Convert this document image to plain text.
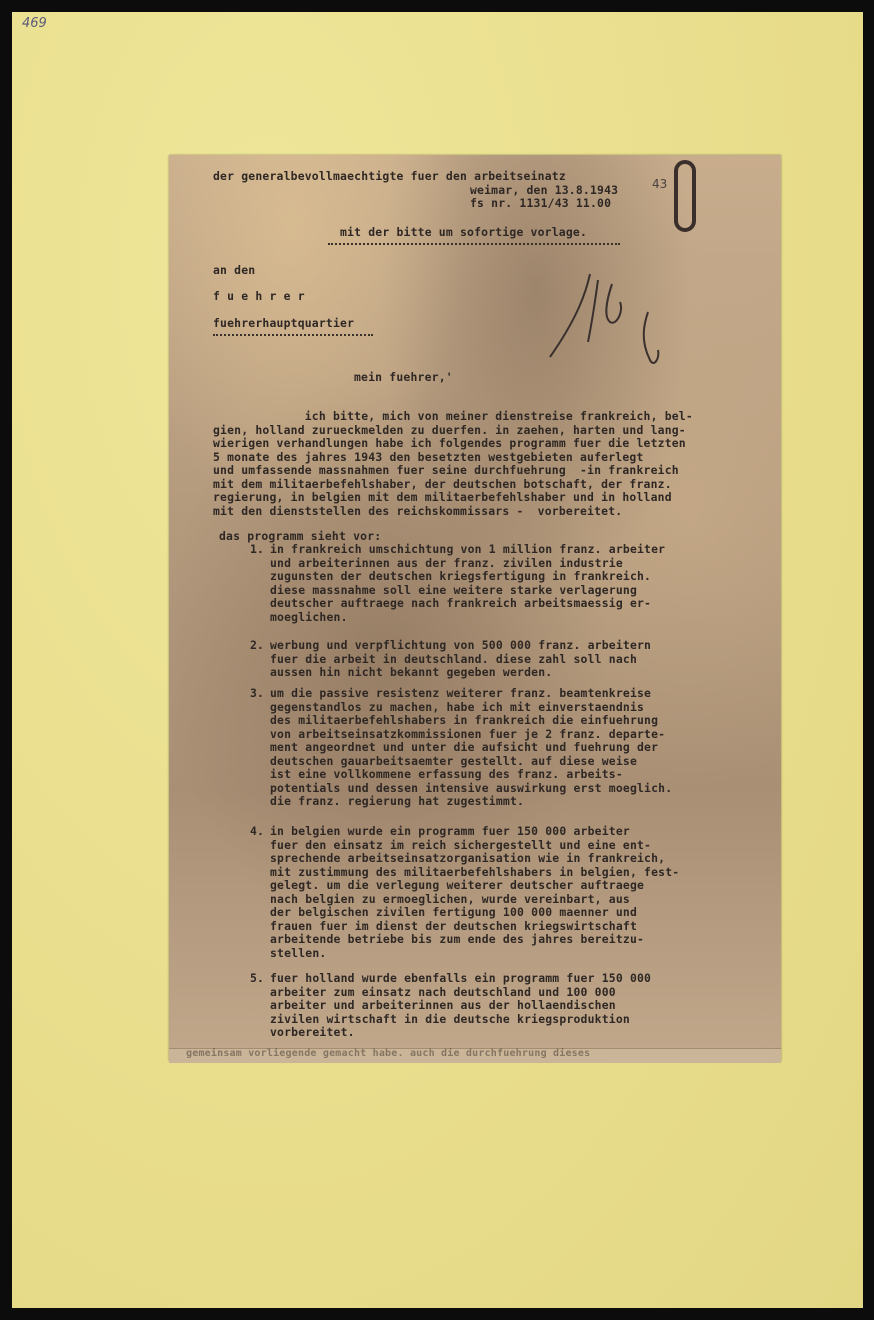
469
gemeinsam vorliegende gemacht habe. auch die durchfuehrung dieses
der generalbevollmaechtigte fuer den arbeitseinatz
weimar, den 13.8.1943
fs nr. 1131/43 11.00
43
mit der bitte um sofortige vorlage.
an den
f u e h r e r
fuehrerhauptquartier
mein fuehrer,'
ich bitte, mich von meiner dienstreise frankreich, bel-
gien, holland zurueckmelden zu duerfen. in zaehen, harten und lang-
wierigen verhandlungen habe ich folgendes programm fuer die letzten
5 monate des jahres 1943 den besetzten westgebieten auferlegt
und umfassende massnahmen fuer seine durchfuehrung  -in frankreich
mit dem militaerbefehlshaber, der deutschen botschaft, der franz.
regierung, in belgien mit dem militaerbefehlshaber und in holland
mit den dienststellen des reichskommissars -  vorbereitet.
das programm sieht vor:
1. in frankreich umschichtung von 1 million franz. arbeiter
und arbeiterinnen aus der franz. zivilen industrie
zugunsten der deutschen kriegsfertigung in frankreich.
diese massnahme soll eine weitere starke verlagerung
deutscher auftraege nach frankreich arbeitsmaessig er-
moeglichen.
2. werbung und verpflichtung von 500 000 franz. arbeitern
fuer die arbeit in deutschland. diese zahl soll nach
aussen hin nicht bekannt gegeben werden.
3. um die passive resistenz weiterer franz. beamtenkreise
gegenstandlos zu machen, habe ich mit einverstaendnis
des militaerbefehlshabers in frankreich die einfuehrung
von arbeitseinsatzkommissionen fuer je 2 franz. departe-
ment angeordnet und unter die aufsicht und fuehrung der
deutschen gauarbeitsaemter gestellt. auf diese weise
ist eine vollkommene erfassung des franz. arbeits-
potentials und dessen intensive auswirkung erst moeglich.
die franz. regierung hat zugestimmt.
4. in belgien wurde ein programm fuer 150 000 arbeiter
fuer den einsatz im reich sichergestellt und eine ent-
sprechende arbeitseinsatzorganisation wie in frankreich,
mit zustimmung des militaerbefehlshabers in belgien, fest-
gelegt. um die verlegung weiterer deutscher auftraege
nach belgien zu ermoeglichen, wurde vereinbart, aus
der belgischen zivilen fertigung 100 000 maenner und
frauen fuer im dienst der deutschen kriegswirtschaft
arbeitende betriebe bis zum ende des jahres bereitzu-
stellen.
5. fuer holland wurde ebenfalls ein programm fuer 150 000
arbeiter zum einsatz nach deutschland und 100 000
arbeiter und arbeiterinnen aus der hollaendischen
zivilen wirtschaft in die deutsche kriegsproduktion
vorbereitet.
